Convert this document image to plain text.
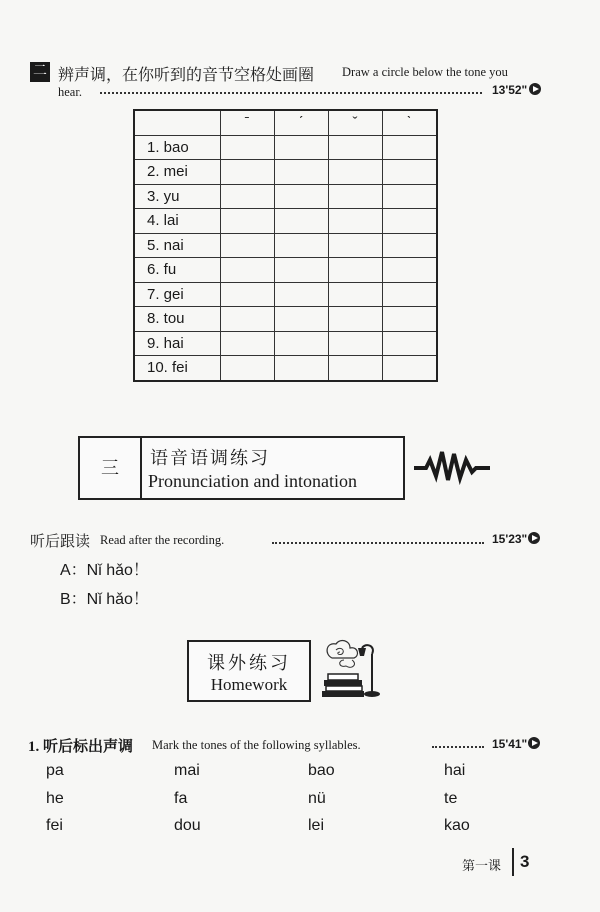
二 辨声调，在你听到的音节空格处画圈 Draw a circle below the tone you
hear.	13'52"
	ˉ	ˊ	ˇ	ˋ
1. bao				
2. mei				
3. yu				
4. lai				
5. nai				
6. fu				
7. gei				
8. tou				
9. hai				
10. fei				
三	语音语调练习
Pronunciation and intonation
听后跟读 Read after the recording.	15'23"
A：Nǐ hǎo！
B：Nǐ hǎo！
课外练习
Homework
1. 听后标出声调 Mark the tones of the following syllables.	15'41"
pa	mai	bao	hai
he	fa	nü	te
fei	dou	lei	kao
第一课 3
